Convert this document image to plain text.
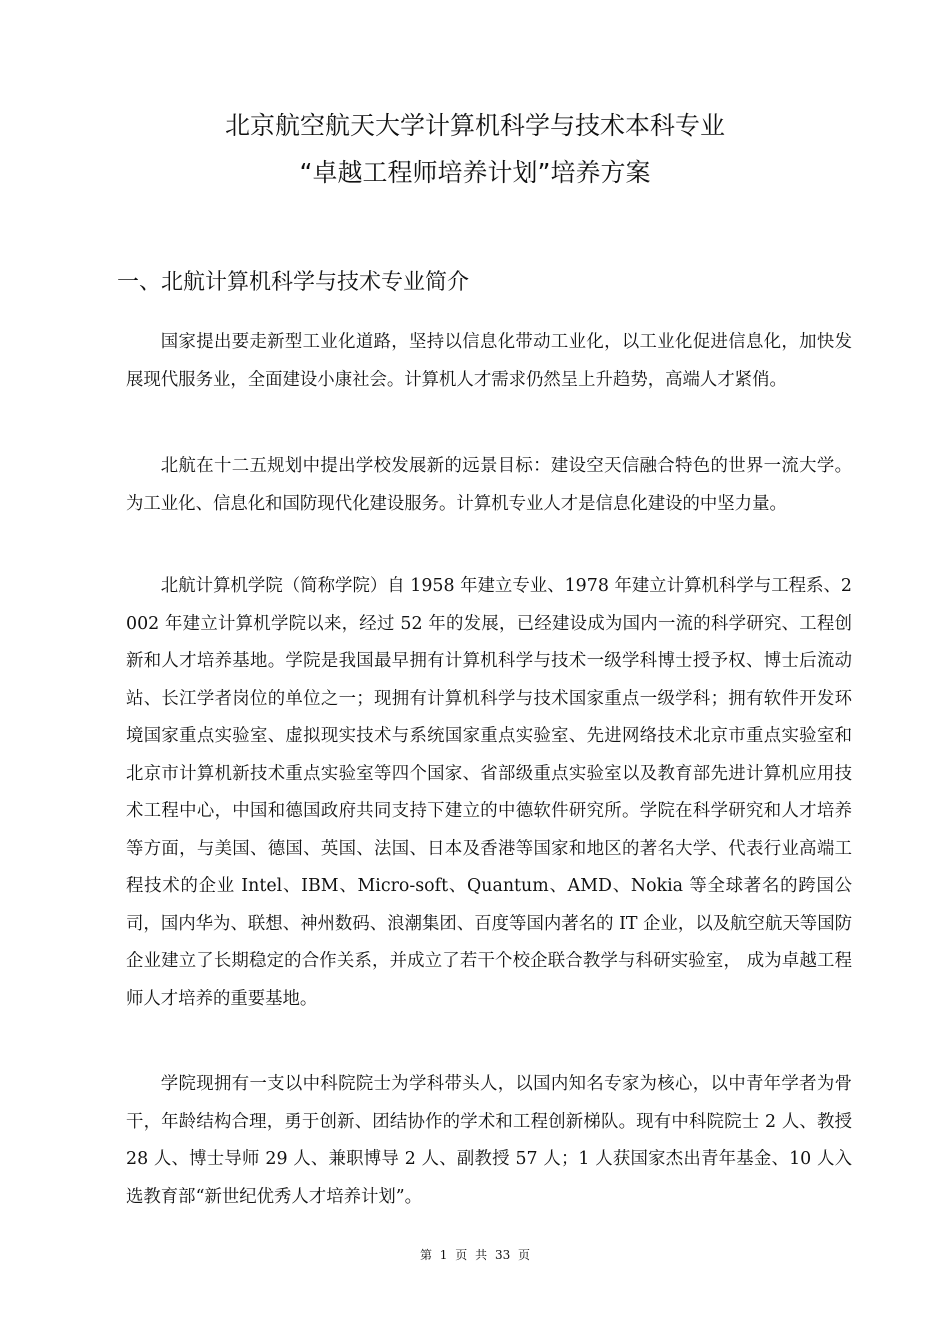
北京航空航天大学计算机科学与技术本科专业
“卓越工程师培养计划”培养方案
一、北航计算机科学与技术专业简介

国家提出要走新型工业化道路，坚持以信息化带动工业化，以工业化促进信息化，加快发展现代服务业，全面建设小康社会。计算机人才需求仍然呈上升趋势，高端人才紧俏。

北航在十二五规划中提出学校发展新的远景目标：建设空天信融合特色的世界一流大学。为工业化、信息化和国防现代化建设服务。计算机专业人才是信息化建设的中坚力量。

北航计算机学院（简称学院）自 1958 年建立专业、1978 年建立计算机科学与工程系、2002 年建立计算机学院以来，经过 52 年的发展，已经建设成为国内一流的科学研究、工程创新和人才培养基地。学院是我国最早拥有计算机科学与技术一级学科博士授予权、博士后流动站、长江学者岗位的单位之一；现拥有计算机科学与技术国家重点一级学科；拥有软件开发环境国家重点实验室、虚拟现实技术与系统国家重点实验室、先进网络技术北京市重点实验室和北京市计算机新技术重点实验室等四个国家、省部级重点实验室以及教育部先进计算机应用技术工程中心，中国和德国政府共同支持下建立的中德软件研究所。学院在科学研究和人才培养等方面，与美国、德国、英国、法国、日本及香港等国家和地区的著名大学、代表行业高端工程技术的企业 Intel、IBM、Micro-soft、Quantum、AMD、Nokia 等全球著名的跨国公司，国内华为、联想、神州数码、浪潮集团、百度等国内著名的 IT 企业，以及航空航天等国防企业建立了长期稳定的合作关系，并成立了若干个校企联合教学与科研实验室， 成为卓越工程师人才培养的重要基地。

学院现拥有一支以中科院院士为学科带头人，以国内知名专家为核心，以中青年学者为骨干，年龄结构合理，勇于创新、团结协作的学术和工程创新梯队。现有中科院院士 2 人、教授 28 人、博士导师 29 人、兼职博导 2 人、副教授 57 人；1 人获国家杰出青年基金、10 人入选教育部“新世纪优秀人才培养计划”。

第 1 页 共 33 页
